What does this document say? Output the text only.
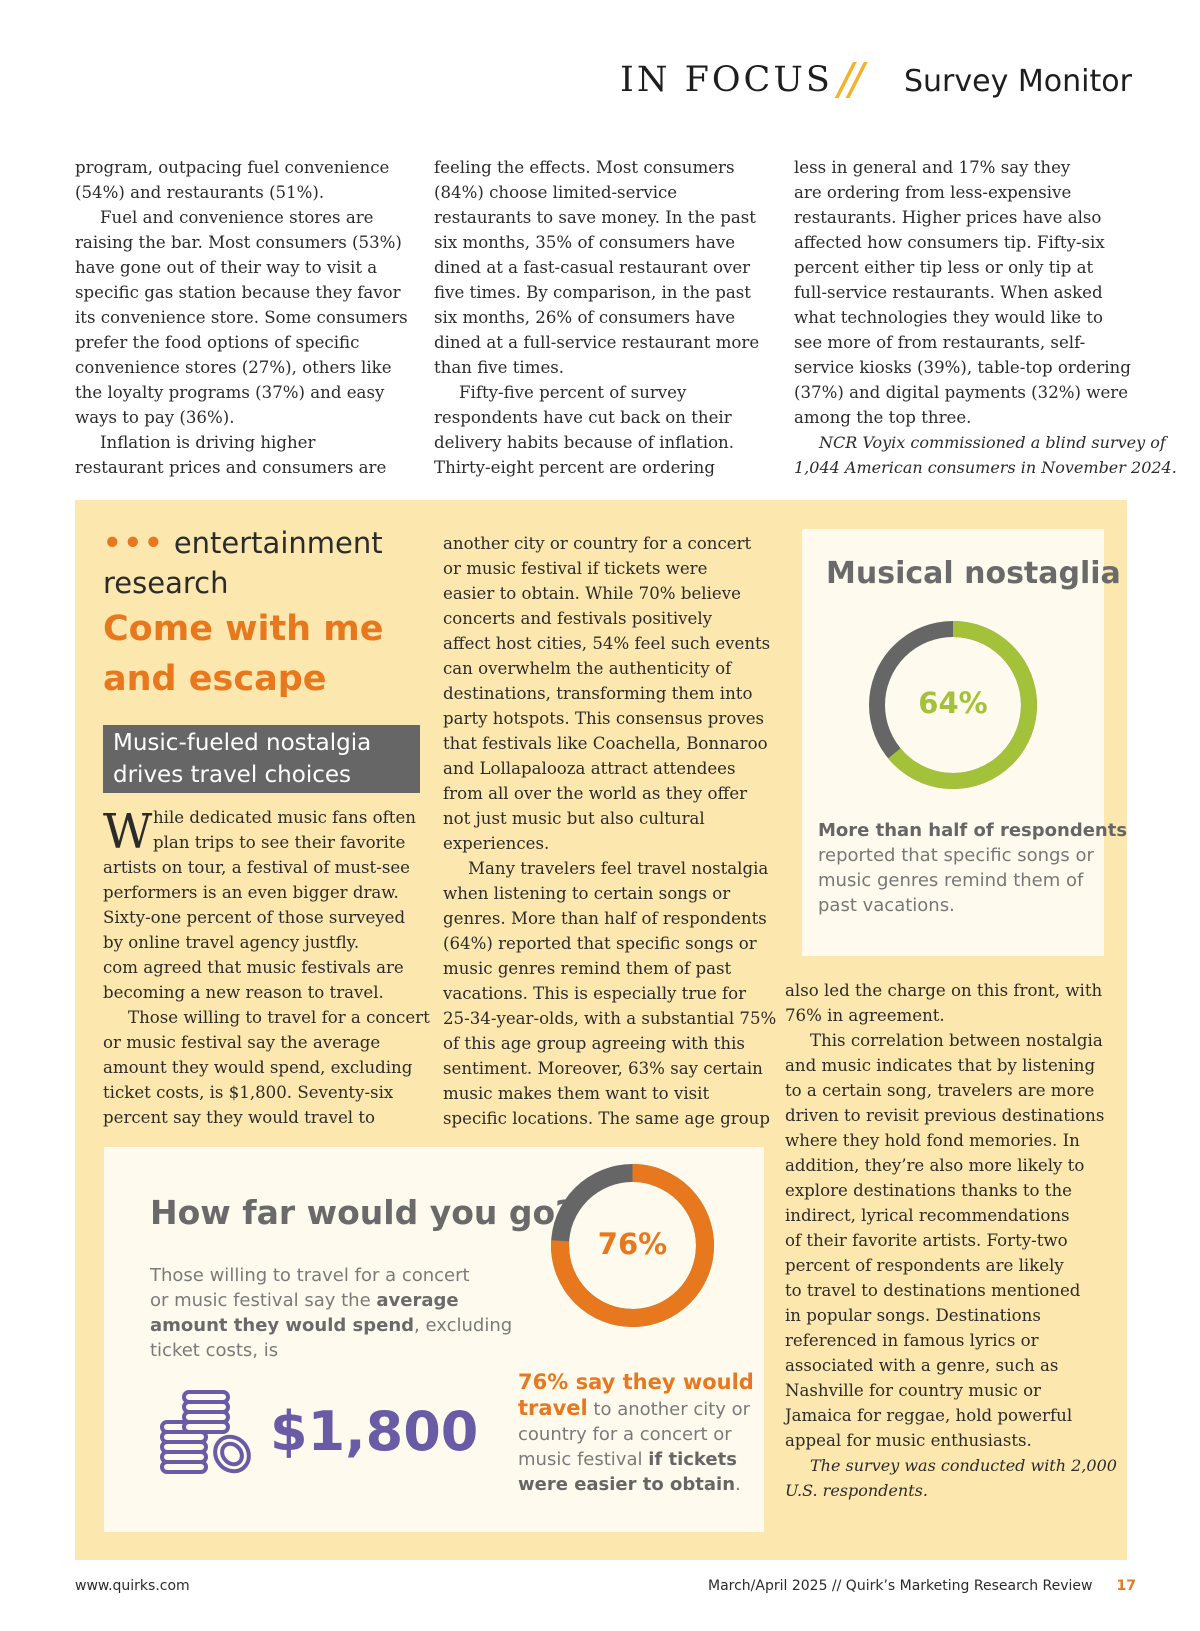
IN FOCUS // Survey Monitor
program, outpacing fuel convenience
(54%) and restaurants (51%).
Fuel and convenience stores are
raising the bar. Most consumers (53%)
have gone out of their way to visit a
specific gas station because they favor
its convenience store. Some consumers
prefer the food options of specific
convenience stores (27%), others like
the loyalty programs (37%) and easy
ways to pay (36%).
Inflation is driving higher
restaurant prices and consumers are
feeling the effects. Most consumers
(84%) choose limited-service
restaurants to save money. In the past
six months, 35% of consumers have
dined at a fast-casual restaurant over
five times. By comparison, in the past
six months, 26% of consumers have
dined at a full-service restaurant more
than five times.
Fifty-five percent of survey
respondents have cut back on their
delivery habits because of inflation.
Thirty-eight percent are ordering
less in general and 17% say they
are ordering from less-expensive
restaurants. Higher prices have also
affected how consumers tip. Fifty-six
percent either tip less or only tip at
full-service restaurants. When asked
what technologies they would like to
see more of from restaurants, self-
service kiosks (39%), table-top ordering
(37%) and digital payments (32%) were
among the top three.
NCR Voyix commissioned a blind survey of
1,044 American consumers in November 2024.
••• entertainment
research
Come with me
and escape
Music-fueled nostalgia
drives travel choices
W hile dedicated music fans often
plan trips to see their favorite
artists on tour, a festival of must-see
performers is an even bigger draw.
Sixty-one percent of those surveyed
by online travel agency justfly.
com agreed that music festivals are
becoming a new reason to travel.
Those willing to travel for a concert
or music festival say the average
amount they would spend, excluding
ticket costs, is $1,800. Seventy-six
percent say they would travel to
another city or country for a concert
or music festival if tickets were
easier to obtain. While 70% believe
concerts and festivals positively
affect host cities, 54% feel such events
can overwhelm the authenticity of
destinations, transforming them into
party hotspots. This consensus proves
that festivals like Coachella, Bonnaroo
and Lollapalooza attract attendees
from all over the world as they offer
not just music but also cultural
experiences.
Many travelers feel travel nostalgia
when listening to certain songs or
genres. More than half of respondents
(64%) reported that specific songs or
music genres remind them of past
vacations. This is especially true for
25-34-year-olds, with a substantial 75%
of this age group agreeing with this
sentiment. Moreover, 63% say certain
music makes them want to visit
specific locations. The same age group
also led the charge on this front, with
76% in agreement.
This correlation between nostalgia
and music indicates that by listening
to a certain song, travelers are more
driven to revisit previous destinations
where they hold fond memories. In
addition, they’re also more likely to
explore destinations thanks to the
indirect, lyrical recommendations
of their favorite artists. Forty-two
percent of respondents are likely
to travel to destinations mentioned
in popular songs. Destinations
referenced in famous lyrics or
associated with a genre, such as
Nashville for country music or
Jamaica for reggae, hold powerful
appeal for music enthusiasts.
The survey was conducted with 2,000
U.S. respondents.
Musical nostaglia
64%
More than half of respondents
reported that specific songs or
music genres remind them of
past vacations.
How far would you go?
Those willing to travel for a concert
or music festival say the average
amount they would spend, excluding
ticket costs, is
$1,800
76%
76% say they would
travel to another city or
country for a concert or
music festival if tickets
were easier to obtain.
www.quirks.com	March/April 2025 // Quirk’s Marketing Research Review 17
